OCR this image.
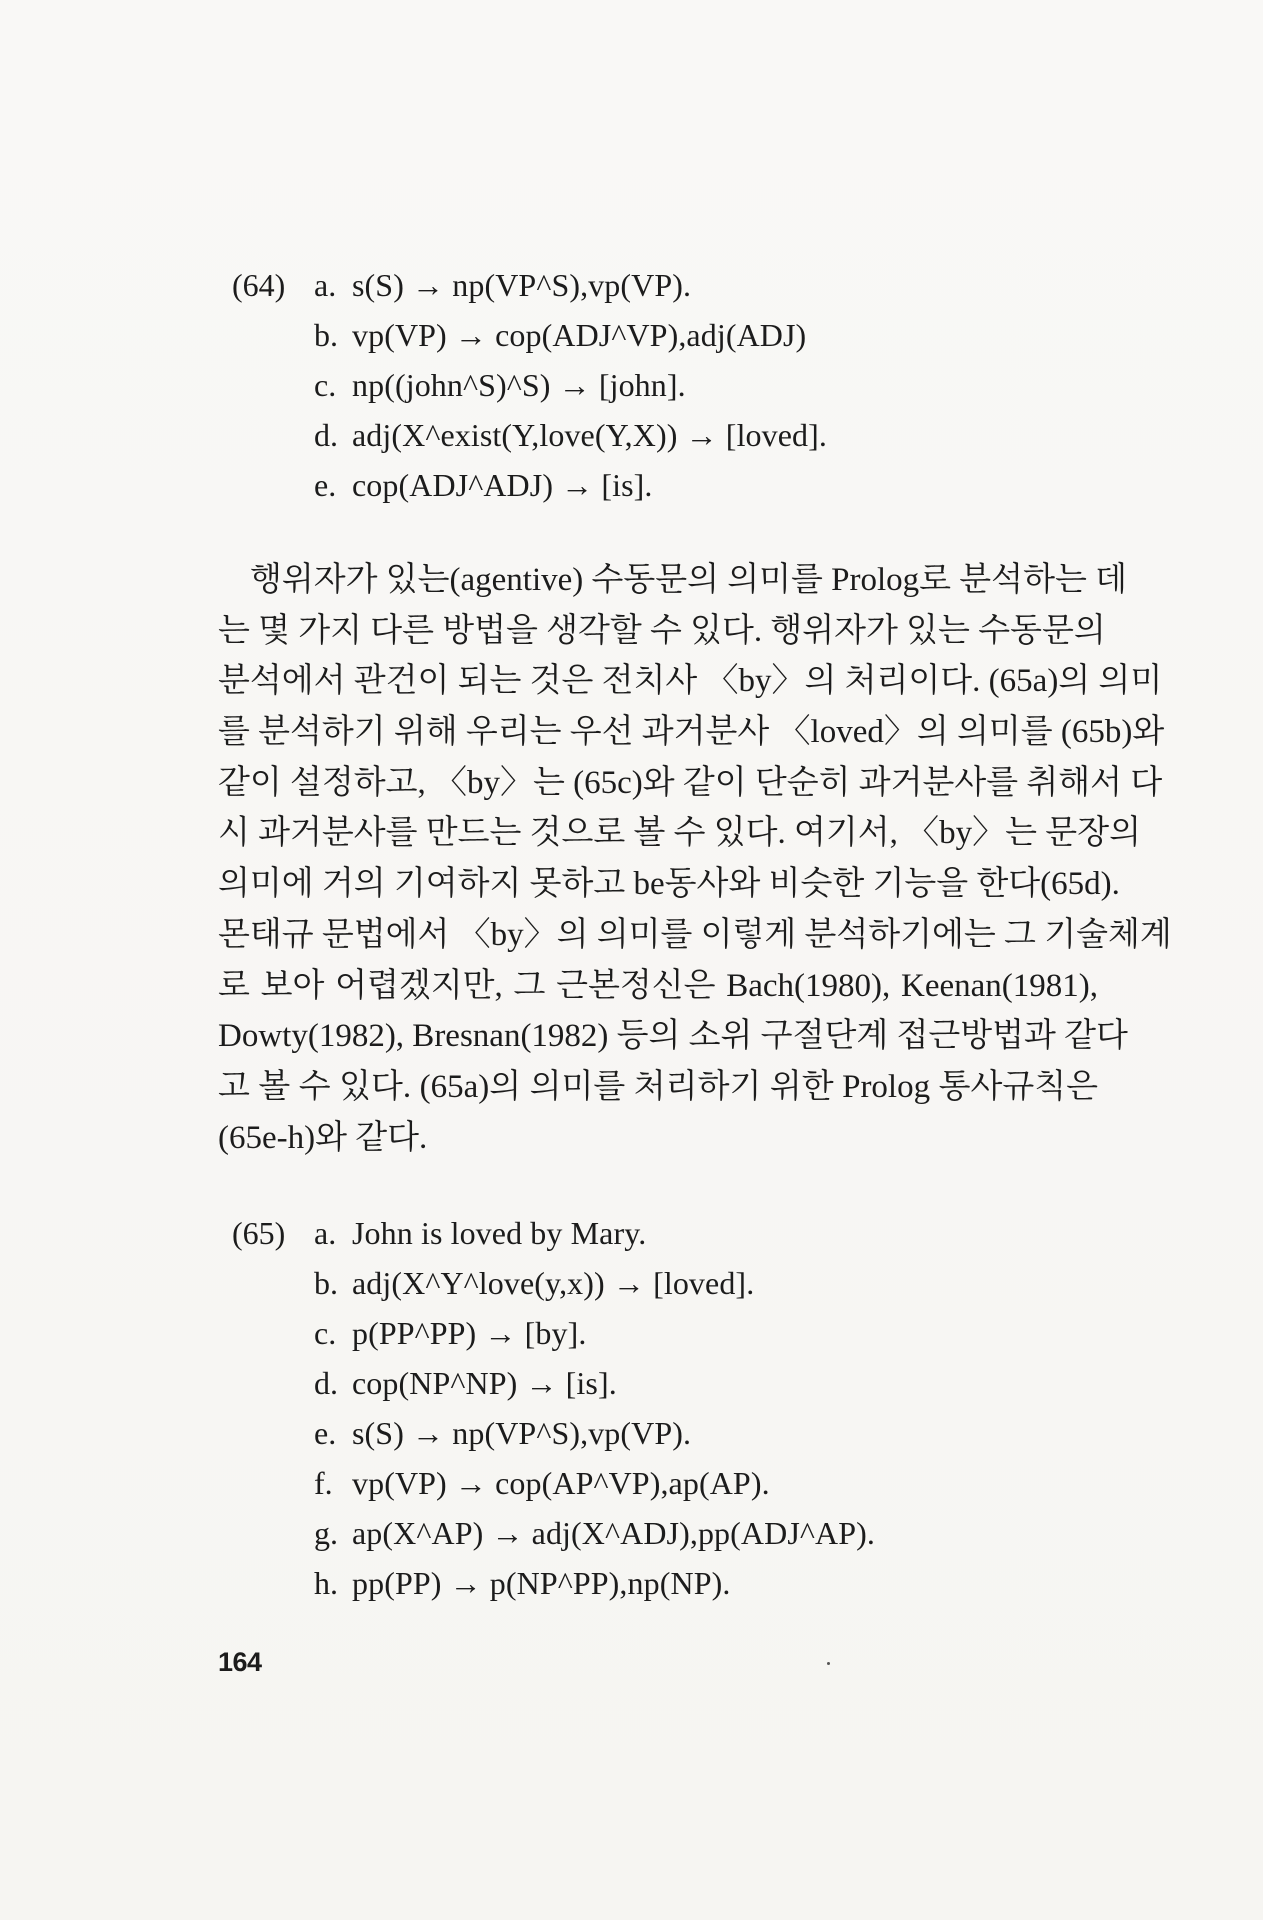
(64) a. s(S) → np(VP^S),vp(VP).
b. vp(VP) → cop(ADJ^VP),adj(ADJ)
c. np((john^S)^S) → [john].
d. adj(X^exist(Y,love(Y,X)) → [loved].
e. cop(ADJ^ADJ) → [is].
행위자가 있는(agentive) 수동문의 의미를 Prolog로 분석하는 데
는 몇 가지 다른 방법을 생각할 수 있다. 행위자가 있는 수동문의
분석에서 관건이 되는 것은 전치사 〈by〉의 처리이다. (65a)의 의미
를 분석하기 위해 우리는 우선 과거분사 〈loved〉의 의미를 (65b)와
같이 설정하고, 〈by〉는 (65c)와 같이 단순히 과거분사를 취해서 다
시 과거분사를 만드는 것으로 볼 수 있다. 여기서, 〈by〉는 문장의
의미에 거의 기여하지 못하고 be동사와 비슷한 기능을 한다(65d).
몬태규 문법에서 〈by〉의 의미를 이렇게 분석하기에는 그 기술체계
로 보아 어렵겠지만, 그 근본정신은 Bach(1980), Keenan(1981),
Dowty(1982), Bresnan(1982) 등의 소위 구절단계 접근방법과 같다
고 볼 수 있다. (65a)의 의미를 처리하기 위한 Prolog 통사규칙은
(65e-h)와 같다.
(65) a. John is loved by Mary.
b. adj(X^Y^love(y,x)) → [loved].
c. p(PP^PP) → [by].
d. cop(NP^NP) → [is].
e. s(S) → np(VP^S),vp(VP).
f. vp(VP) → cop(AP^VP),ap(AP).
g. ap(X^AP) → adj(X^ADJ),pp(ADJ^AP).
h. pp(PP) → p(NP^PP),np(NP).
164
